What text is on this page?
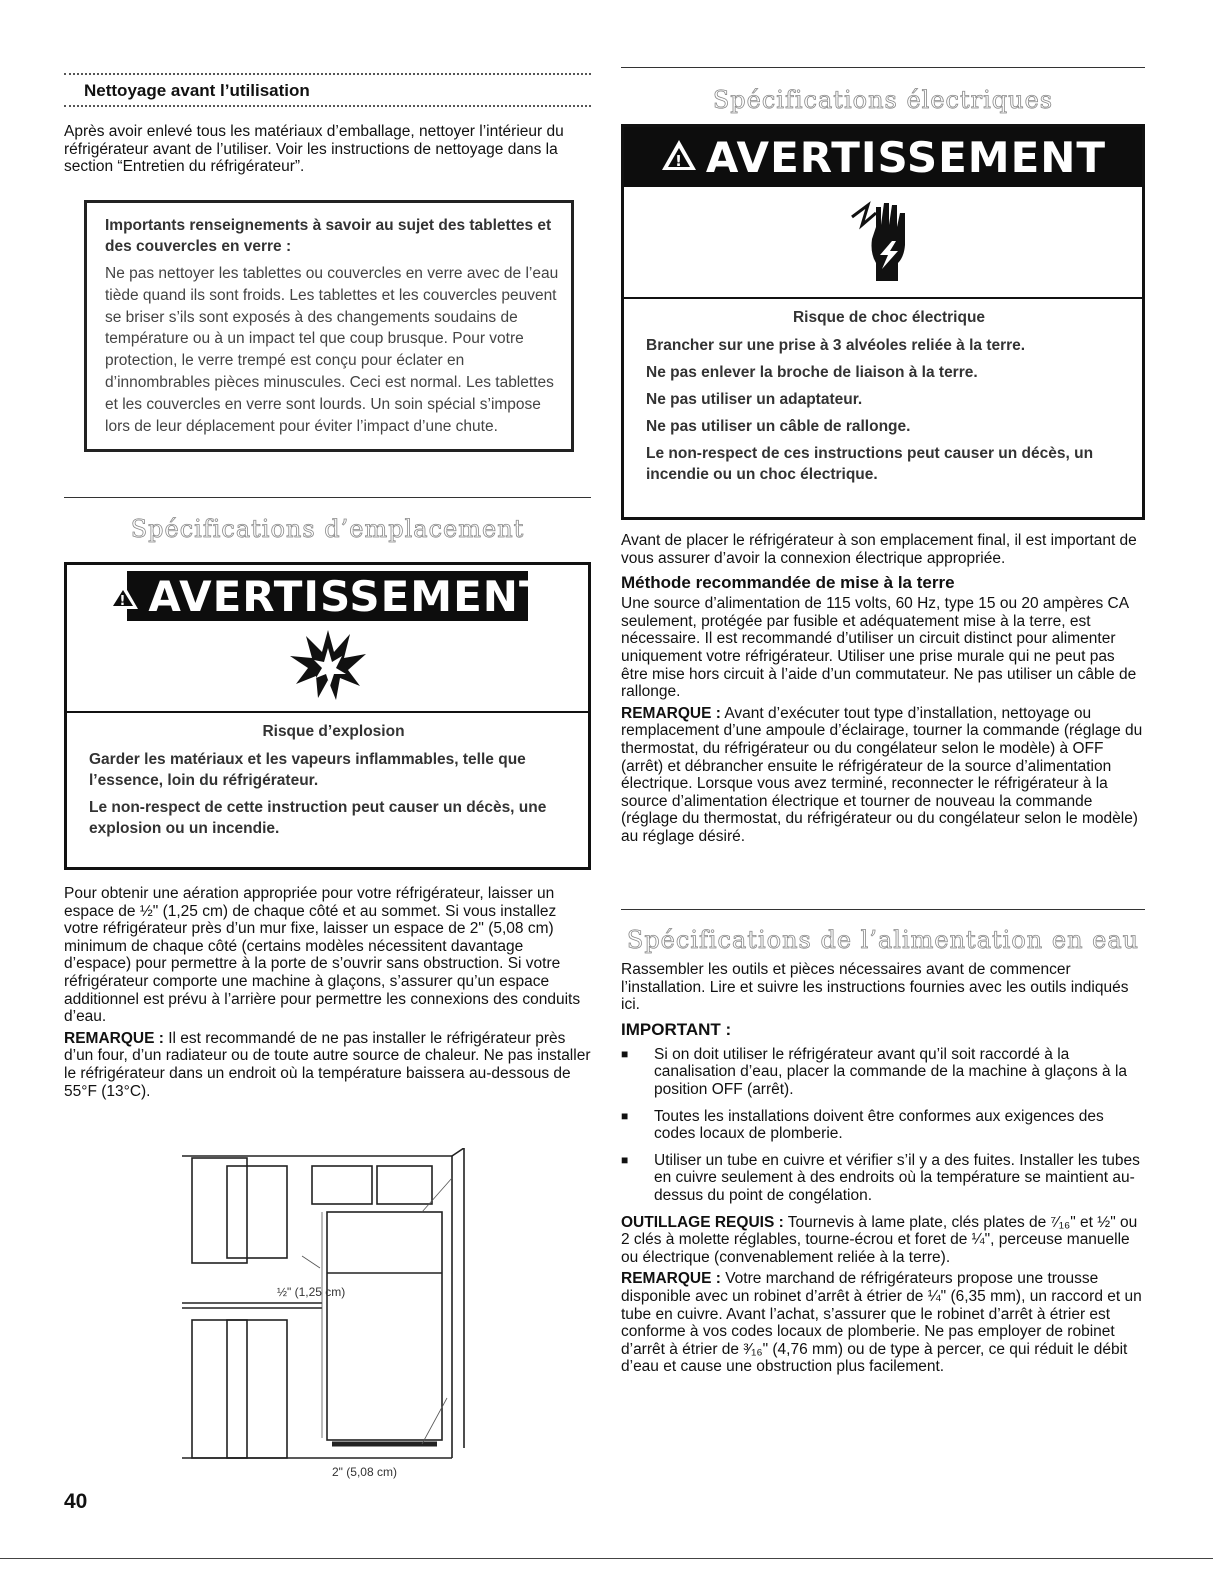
Nettoyage avant l’utilisation

Après avoir enlevé tous les matériaux d’emballage, nettoyer l’intérieur du réfrigérateur avant de l’utiliser. Voir les instructions de nettoyage dans la section “Entretien du réfrigérateur”.

Importants renseignements à savoir au sujet des tablettes et des couvercles en verre :
Ne pas nettoyer les tablettes ou couvercles en verre avec de l’eau tiède quand ils sont froids. Les tablettes et les couvercles peuvent se briser s’ils sont exposés à des changements soudains de température ou à un impact tel que coup brusque. Pour votre protection, le verre trempé est conçu pour éclater en d’innombrables pièces minuscules. Ceci est normal. Les tablettes et les couvercles en verre sont lourds. Un soin spécial s’impose lors de leur déplacement pour éviter l’impact d’une chute.
Spécifications d’emplacement
! AVERTISSEMENT
Risque d’explosion
Garder les matériaux et les vapeurs inflammables, telle que l’essence, loin du réfrigérateur.
Le non-respect de cette instruction peut causer un décès, une explosion ou un incendie.

Pour obtenir une aération appropriée pour votre réfrigérateur, laisser un espace de ½" (1,25 cm) de chaque côté et au sommet. Si vous installez votre réfrigérateur près d’un mur fixe, laisser un espace de 2" (5,08 cm) minimum de chaque côté (certains modèles nécessitent davantage d’espace) pour permettre à la porte de s’ouvrir sans obstruction. Si votre réfrigérateur comporte une machine à glaçons, s’assurer qu’un espace additionnel est prévu à l’arrière pour permettre les connexions des conduits d’eau.

REMARQUE : Il est recommandé de ne pas installer le réfrigérateur près d’un four, d’un radiateur ou de toute autre source de chaleur. Ne pas installer le réfrigérateur dans un endroit où la température baissera au-dessous de 55°F (13°C).

½" (1,25 cm)
2" (5,08 cm)
Spécifications électriques
! AVERTISSEMENT
Risque de choc électrique
Brancher sur une prise à 3 alvéoles reliée à la terre.
Ne pas enlever la broche de liaison à la terre.
Ne pas utiliser un adaptateur.
Ne pas utiliser un câble de rallonge.
Le non-respect de ces instructions peut causer un décès, un incendie ou un choc électrique.

Avant de placer le réfrigérateur à son emplacement final, il est important de vous assurer d’avoir la connexion électrique appropriée.

Méthode recommandée de mise à la terre

Une source d’alimentation de 115 volts, 60 Hz, type 15 ou 20 ampères CA seulement, protégée par fusible et adéquatement mise à la terre, est nécessaire. Il est recommandé d’utiliser un circuit distinct pour alimenter uniquement votre réfrigérateur. Utiliser une prise murale qui ne peut pas être mise hors circuit à l’aide d’un commutateur. Ne pas utiliser un câble de rallonge.

REMARQUE : Avant d’exécuter tout type d’installation, nettoyage ou remplacement d’une ampoule d’éclairage, tourner la commande (réglage du thermostat, du réfrigérateur ou du congélateur selon le modèle) à OFF (arrêt) et débrancher ensuite le réfrigérateur de la source d’alimentation électrique. Lorsque vous avez terminé, reconnecter le réfrigérateur à la source d’alimentation électrique et tourner de nouveau la commande (réglage du thermostat, du réfrigérateur ou du congélateur selon le modèle) au réglage désiré.

Spécifications de l’alimentation en eau

Rassembler les outils et pièces nécessaires avant de commencer l’installation. Lire et suivre les instructions fournies avec les outils indiqués ici.

IMPORTANT :
■ Si on doit utiliser le réfrigérateur avant qu’il soit raccordé à la canalisation d’eau, placer la commande de la machine à glaçons à la position OFF (arrêt).
■ Toutes les installations doivent être conformes aux exigences des codes locaux de plomberie.
■ Utiliser un tube en cuivre et vérifier s’il y a des fuites. Installer les tubes en cuivre seulement à des endroits où la température se maintient au-dessus du point de congélation.

OUTILLAGE REQUIS : Tournevis à lame plate, clés plates de ⁷⁄₁₆" et ½" ou 2 clés à molette réglables, tourne-écrou et foret de ¼", perceuse manuelle ou électrique (convenablement reliée à la terre).

REMARQUE : Votre marchand de réfrigérateurs propose une trousse disponible avec un robinet d’arrêt à étrier de ¼" (6,35 mm), un raccord et un tube en cuivre. Avant l’achat, s’assurer que le robinet d’arrêt à étrier est conforme à vos codes locaux de plomberie. Ne pas employer de robinet d’arrêt à étrier de ³⁄₁₆" (4,76 mm) ou de type à percer, ce qui réduit le débit d’eau et cause une obstruction plus facilement.

40
